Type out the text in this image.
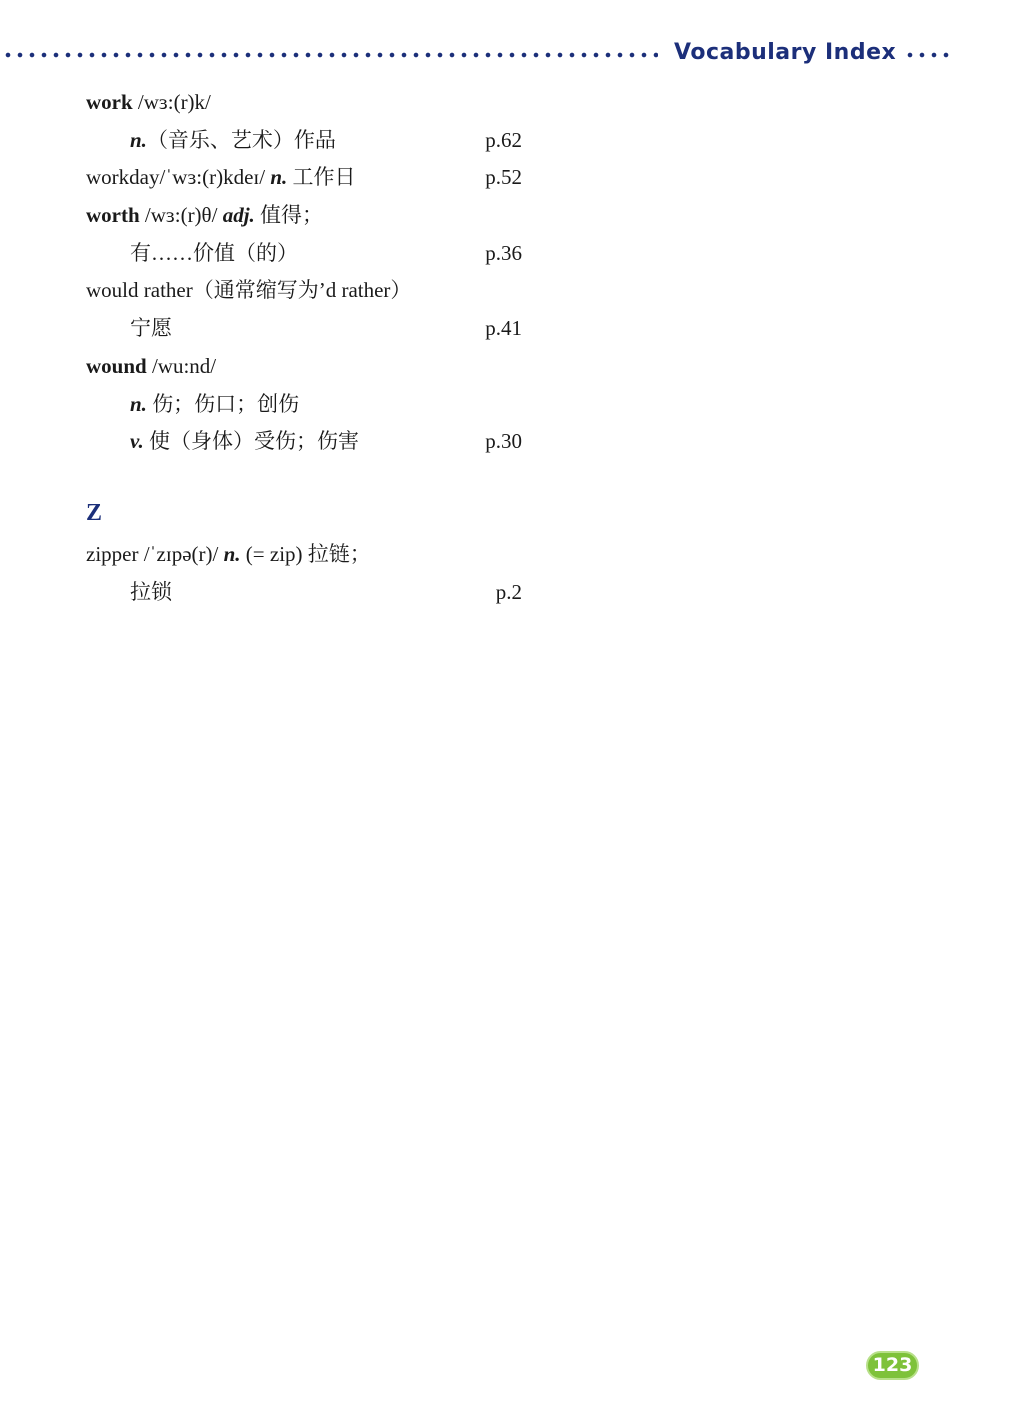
Vocabulary Index
work /wɜ:(r)k/
n.（音乐、艺术）作品	p.62
workday/ˈwɜ:(r)kdeɪ/ n. 工作日	p.52
worth /wɜ:(r)θ/ adj. 值得；
有……价值（的）	p.36
would rather（通常缩写为’d rather）
宁愿	p.41
wound /wu:nd/
n. 伤；伤口；创伤
v. 使（身体）受伤；伤害	p.30
Z
zipper /ˈzɪpə(r)/ n. (= zip) 拉链；
拉锁	p.2
123
